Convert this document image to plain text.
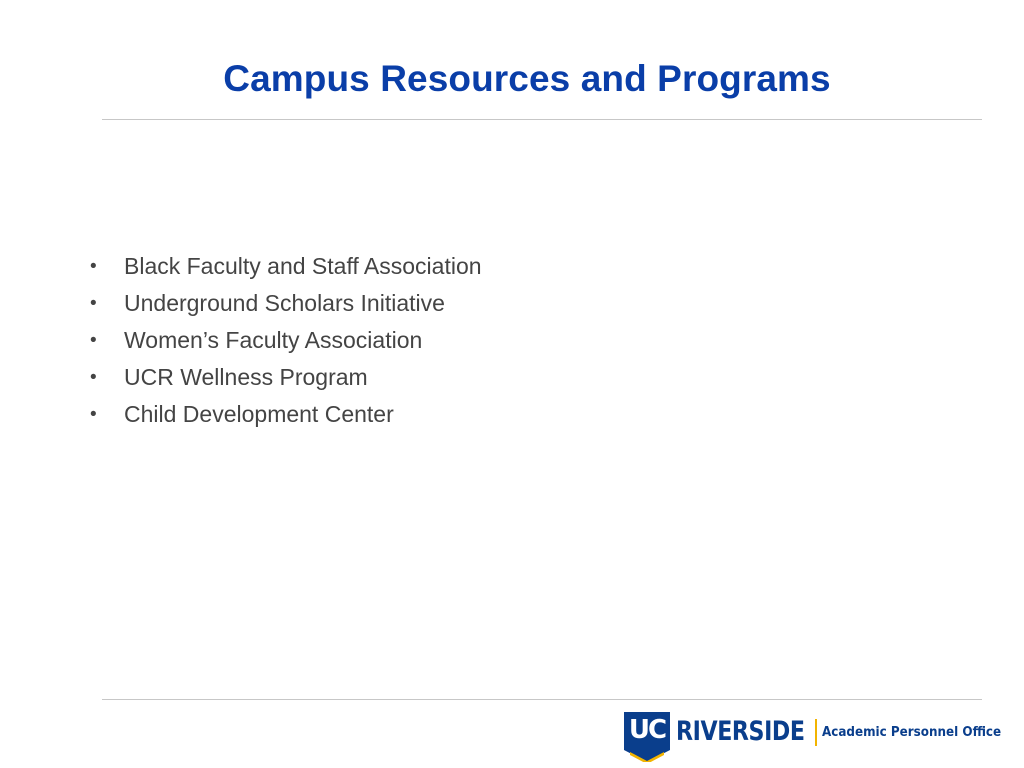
Campus Resources and Programs
• Black Faculty and Staff Association
• Underground Scholars Initiative
• Women’s Faculty Association
• UCR Wellness Program
• Child Development Center
UC RIVERSIDE Academic Personnel Office
